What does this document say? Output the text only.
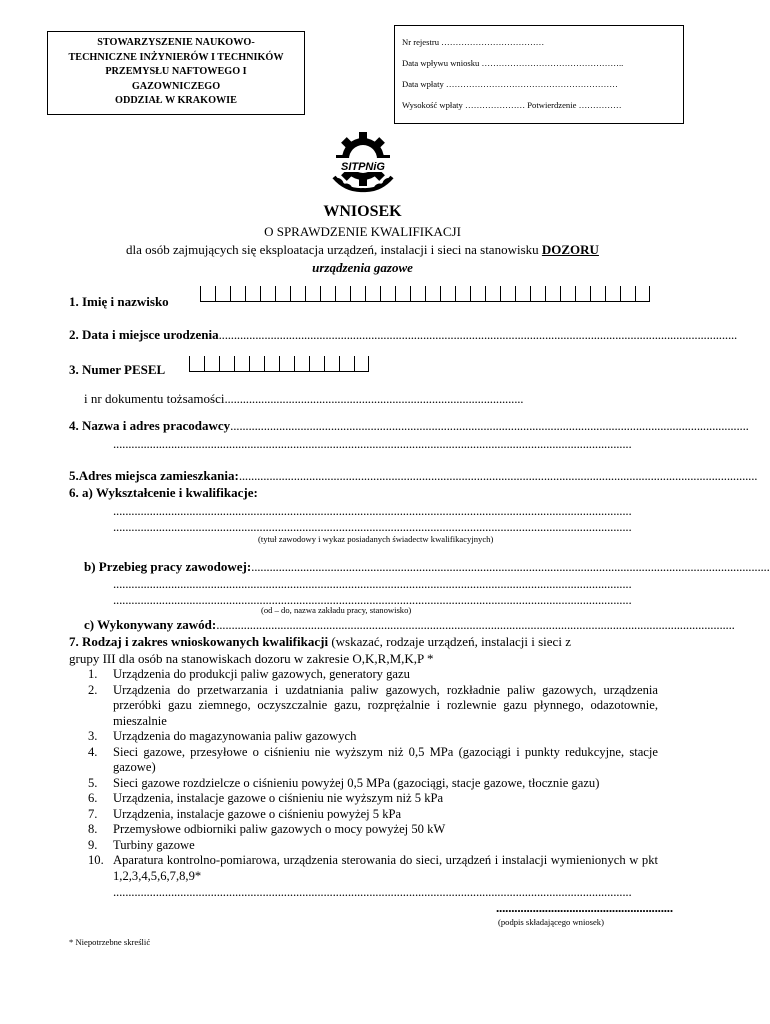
STOWARZYSZENIE NAUKOWO-
TECHNICZNE INŻYNIERÓW I TECHNIKÓW
PRZEMYSŁU NAFTOWEGO I
GAZOWNICZEGO
ODDZIAŁ W KRAKOWIE
Nr rejestru ………………………………
Data wpływu wniosku …………………………………………..
Data wpłaty ……………………………………………………
Wysokość wpłaty ………………… Potwierdzenie ……………
SITPNiG
WNIOSEK
O SPRAWDZENIE KWALIFIKACJI
dla osób zajmujących się eksploatacja urządzeń, instalacji i sieci na stanowisku DOZORU
urządzenia gazowe
1. Imię i nazwisko
2. Data i miejsce urodzenia ..........................................................................................................................................................................
3. Numer PESEL
i nr dokumentu tożsamości ..................................................................................................
4. Nazwa i adres pracodawcy ..........................................................................................................................................................................
..........................................................................................................................................................................
5.Adres miejsca zamieszkania: ..........................................................................................................................................................................
6. a) Wykształcenie i kwalifikacje:
..........................................................................................................................................................................
..........................................................................................................................................................................
(tytuł zawodowy i wykaz posiadanych świadectw kwalifikacyjnych)
b) Przebieg pracy zawodowej: ..........................................................................................................................................................................
..........................................................................................................................................................................
..........................................................................................................................................................................
(od – do, nazwa zakładu pracy, stanowisko)
c) Wykonywany zawód: ..........................................................................................................................................................................
7. Rodzaj i zakres wnioskowanych kwalifikacji (wskazać, rodzaje urządzeń, instalacji i sieci z
grupy III dla osób na stanowiskach dozoru w zakresie O,K,R,M,K,P *
1.	Urządzenia do produkcji paliw gazowych, generatory gazu
2.	Urządzenia do przetwarzania i uzdatniania paliw gazowych, rozkładnie paliw gazowych, urządzenia przeróbki gazu ziemnego, oczyszczalnie gazu, rozprężalnie i rozlewnie gazu płynnego, odazotownie, mieszalnie
3.	Urządzenia do magazynowania paliw gazowych
4.	Sieci gazowe, przesyłowe o ciśnieniu nie wyższym niż 0,5 MPa (gazociągi i punkty redukcyjne, stacje gazowe)
5.	Sieci gazowe rozdzielcze o ciśnieniu powyżej 0,5 MPa (gazociągi, stacje gazowe, tłocznie gazu)
6.	Urządzenia, instalacje gazowe o ciśnieniu nie wyższym niż 5 kPa
7.	Urządzenia, instalacje gazowe o ciśnieniu powyżej 5 kPa
8.	Przemysłowe odbiorniki paliw gazowych o mocy powyżej 50 kW
9.	Turbiny gazowe
10. Aparatura kontrolno-pomiarowa, urządzenia sterowania do sieci, urządzeń i instalacji wymienionych w pkt 1,2,3,4,5,6,7,8,9*
..........................................................................................................................................................................
..........................................................
(podpis składającego wniosek)
* Niepotrzebne skreślić
